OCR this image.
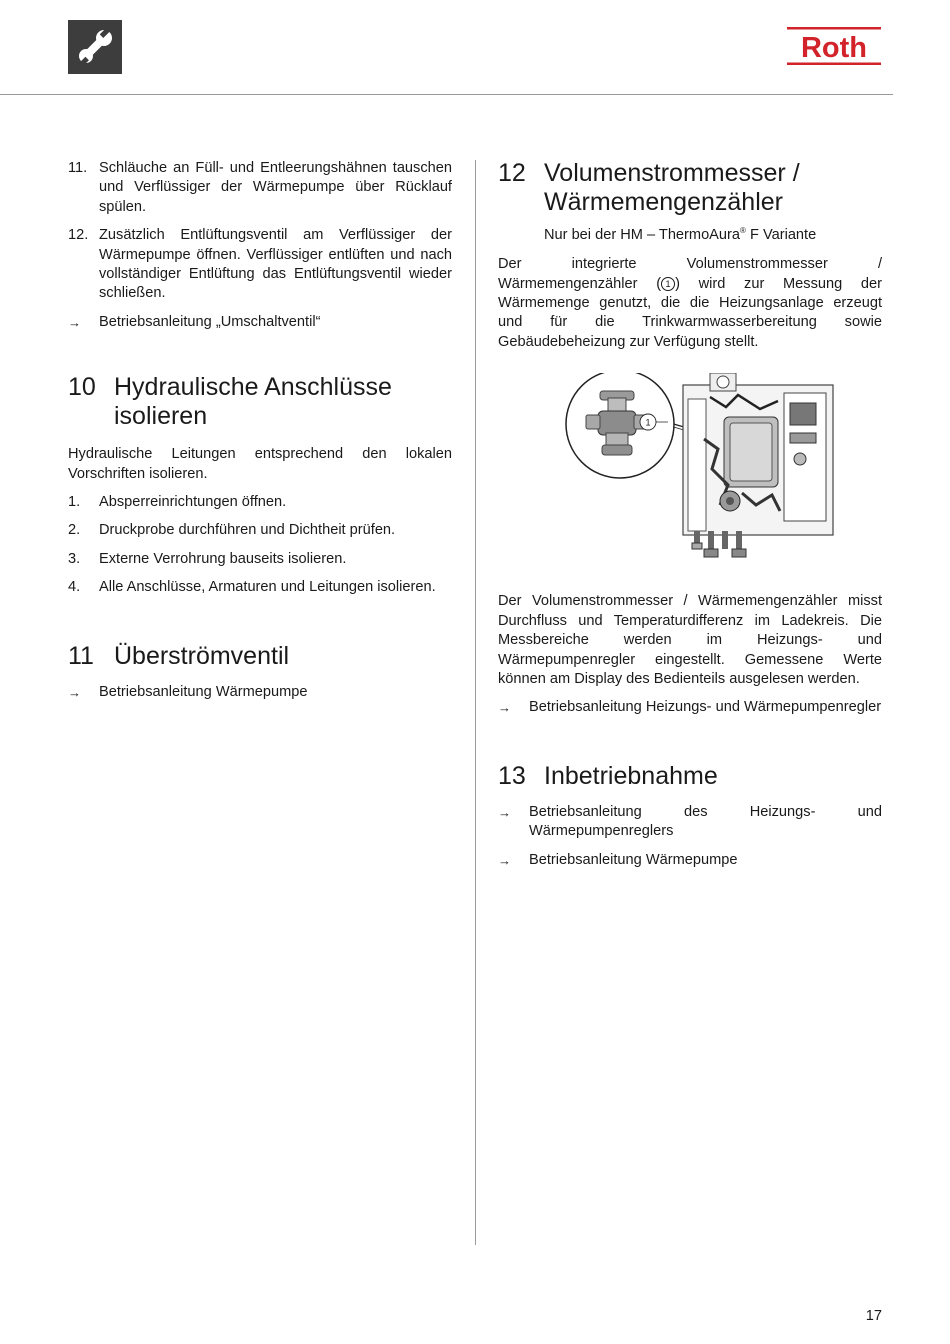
Roth
11. Schläuche an Füll- und Entleerungshähnen tauschen und Verflüssiger der Wärmepumpe über Rücklauf spülen.
12. Zusätzlich Entlüftungsventil am Verflüssiger der Wärmepumpe öffnen. Verflüssiger entlüften und nach vollständiger Entlüftung das Entlüftungsventil wieder schließen.
→	Betriebsanleitung „Umschaltventil“
10 Hydraulische Anschlüsse isolieren

Hydraulische Leitungen entsprechend den lokalen Vorschriften isolieren.

1.	Absperreinrichtungen öffnen.
2.	Druckprobe durchführen und Dichtheit prüfen.
3.	Externe Verrohrung bauseits isolieren.
4.	Alle Anschlüsse, Armaturen und Leitungen isolieren.
11 Überströmventil
→	Betriebsanleitung Wärmepumpe
12 Volumenstrommesser / Wärmemengenzähler
Nur bei der HM – ThermoAura® F Variante

Der integrierte Volumenstrommesser / Wärmemengenzähler ( 1 ) wird zur Messung der Wärmemenge genutzt, die die Heizungsanlage erzeugt und für die Trinkwarmwasserbereitung sowie Gebäudebeheizung zur Verfügung stellt.

1

Der Volumenstrommesser / Wärmemengenzähler misst Durchfluss und Temperaturdifferenz im Ladekreis. Die Messbereiche werden im Heizungs- und Wärmepumpenregler eingestellt. Gemessene Werte können am Display des Bedienteils ausgelesen werden.

→	Betriebsanleitung Heizungs- und Wärmepumpenregler
13 Inbetriebnahme
→	Betriebsanleitung des Heizungs- und Wärmepumpenreglers
→	Betriebsanleitung Wärmepumpe
17
